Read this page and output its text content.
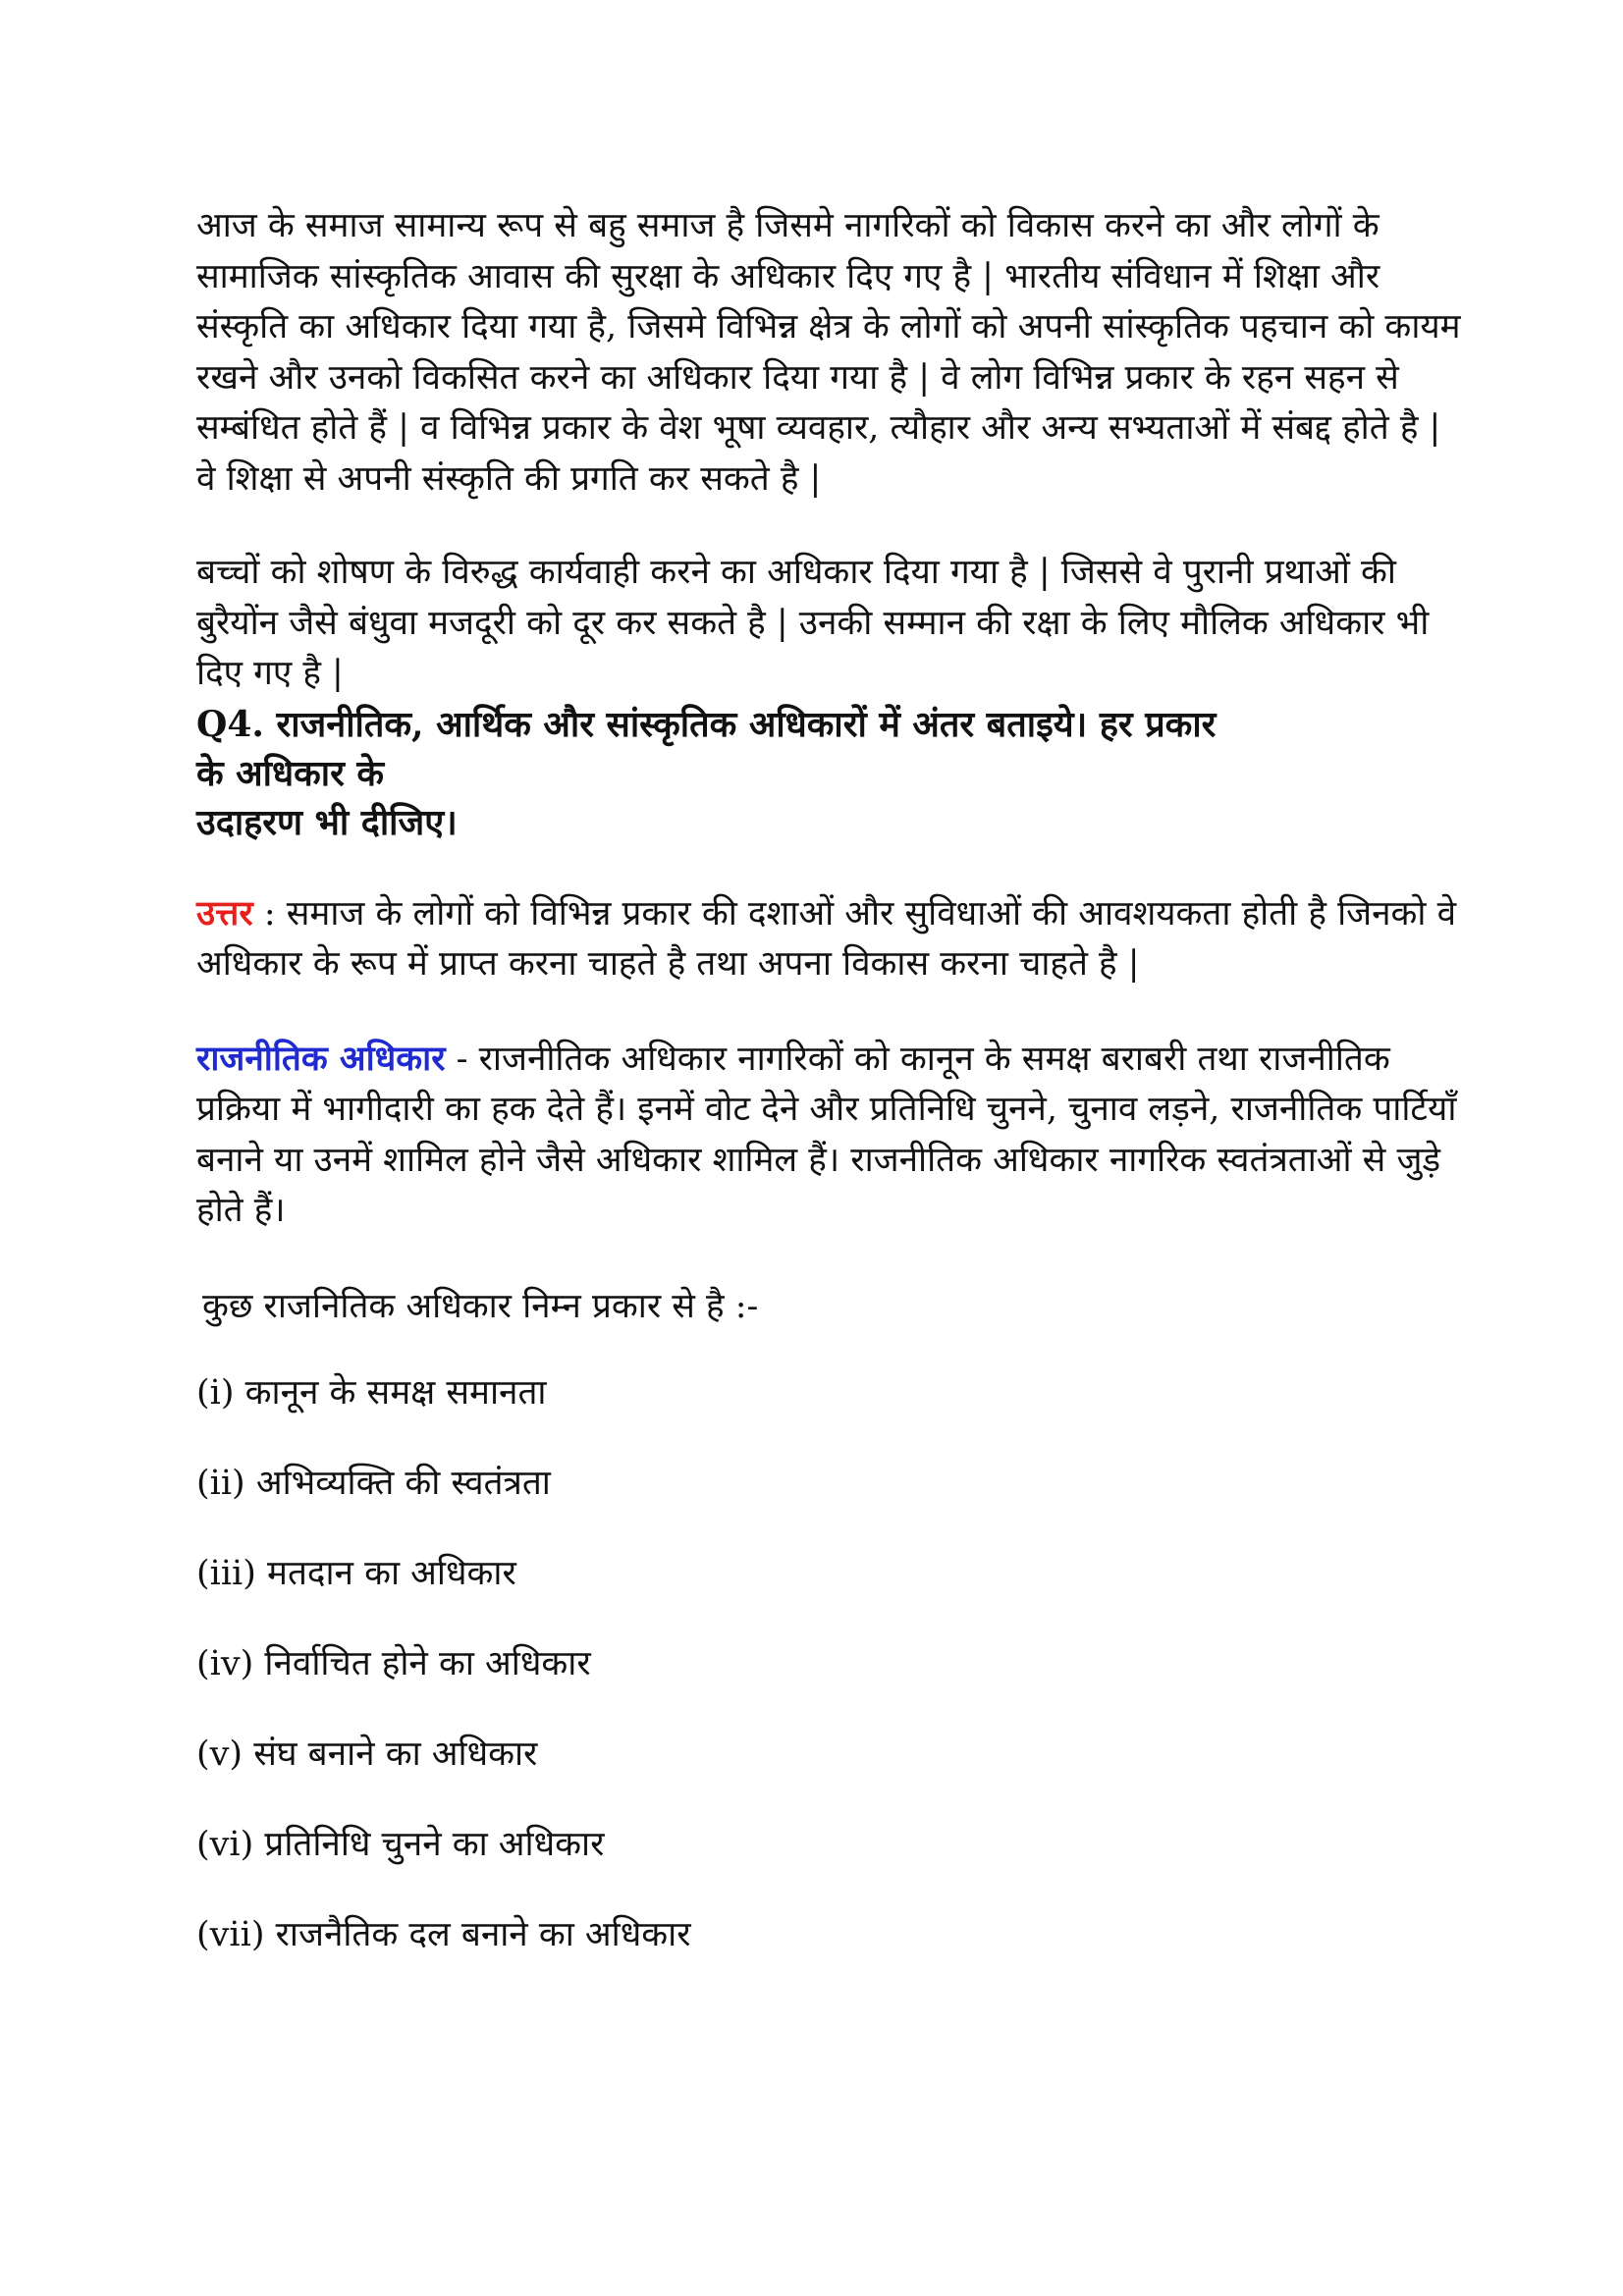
आज के समाज सामान्य रूप से बहु समाज है जिसमे नागरिकों को विकास करने का और लोगों के सामाजिक सांस्कृतिक आवास की सुरक्षा के अधिकार दिए गए है | भारतीय संविधान में शिक्षा और संस्कृति का अधिकार दिया गया है, जिसमे विभिन्न क्षेत्र के लोगों को अपनी सांस्कृतिक पहचान को कायम रखने और उनको विकसित करने का अधिकार दिया गया है | वे लोग विभिन्न प्रकार के रहन सहन से सम्बंधित होते हैं | व विभिन्न प्रकार के वेश भूषा व्यवहार, त्यौहार और अन्य सभ्यताओं में संबद्द होते है | वे शिक्षा से अपनी संस्कृति की प्रगति कर सकते है |

बच्चों को शोषण के विरुद्ध कार्यवाही करने का अधिकार दिया गया है | जिससे वे पुरानी प्रथाओं की बुरैयोंन जैसे बंधुवा मजदूरी को दूर कर सकते है | उनकी सम्मान की रक्षा के लिए मौलिक अधिकार भी दिए गए है |

Q4. राजनीतिक, आर्थिक और सांस्कृतिक अधिकारों में अंतर बताइये। हर प्रकार
के अधिकार के
उदाहरण भी दीजिए।

उत्तर : समाज के लोगों को विभिन्न प्रकार की दशाओं और सुविधाओं की आवशयकता होती है जिनको वे अधिकार के रूप में प्राप्त करना चाहते है तथा अपना विकास करना चाहते है |

राजनीतिक अधिकार - राजनीतिक अधिकार नागरिकों को कानून के समक्ष बराबरी तथा राजनीतिक प्रक्रिया में भागीदारी का हक देते हैं। इनमें वोट देने और प्रतिनिधि चुनने, चुनाव लड़ने, राजनीतिक पार्टियाँ बनाने या उनमें शामिल होने जैसे अधिकार शामिल हैं। राजनीतिक अधिकार नागरिक स्वतंत्रताओं से जुड़े होते हैं।

कुछ राजनितिक अधिकार निम्न प्रकार से है :-

(i) कानून के समक्ष समानता
(ii) अभिव्यक्ति की स्वतंत्रता
(iii) मतदान का अधिकार
(iv) निर्वाचित होने का अधिकार
(v) संघ बनाने का अधिकार
(vi) प्रतिनिधि चुनने का अधिकार
(vii) राजनैतिक दल बनाने का अधिकार
